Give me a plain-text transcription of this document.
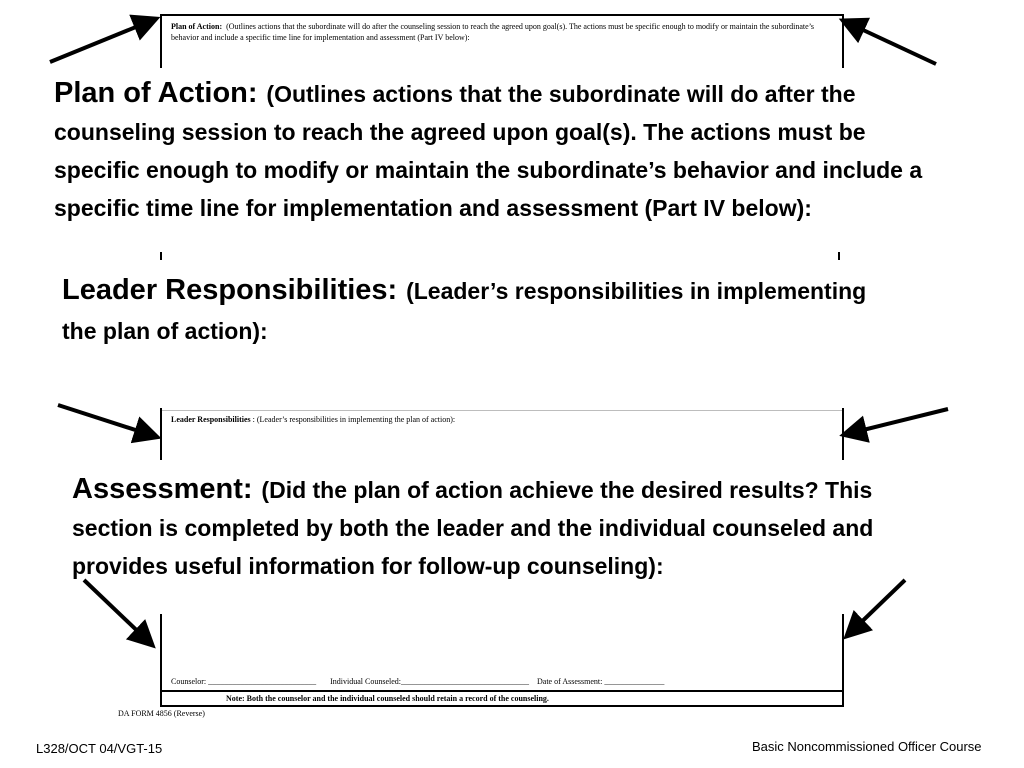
Plan of Action: (Outlines actions that the subordinate will do after the counseling session to reach the agreed upon goal(s). The actions must be specific enough to modify or maintain the subordinate’s behavior and include a specific time line for implementation and assessment (Part IV below):
Plan of Action: (Outlines actions that the subordinate will do after the counseling session to reach the agreed upon goal(s). The actions must be specific enough to modify or maintain the subordinate’s behavior and include a specific time line for implementation and assessment (Part IV below):
Leader Responsibilities: (Leader’s responsibilities in implementing the plan of action):
Leader Responsibilities : (Leader’s responsibilities in implementing the plan of action):
Assessment: (Did the plan of action achieve the desired results? This section is completed by both the leader and the individual counseled and provides useful information for follow-up counseling):
Counselor: ___________________________ Individual Counseled:________________________________ Date of Assessment: _______________
Note: Both the counselor and the individual counseled should retain a record of the counseling.
DA FORM 4856 (Reverse)
L328/OCT 04/VGT-15	Basic Noncommissioned Officer Course
